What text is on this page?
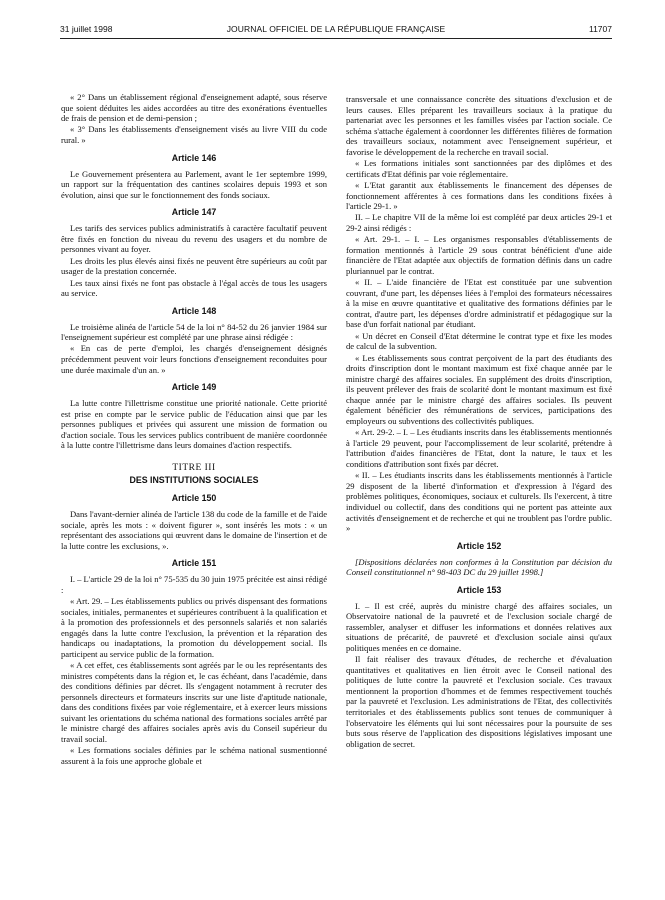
31 juillet 1998	JOURNAL OFFICIEL DE LA RÉPUBLIQUE FRANÇAISE	11707

« 2° Dans un établissement régional d'enseignement adapté, sous réserve que soient déduites les aides accordées au titre des exonérations éventuelles de frais de pension et de demi-pension ;

« 3° Dans les établissements d'enseignement visés au livre VIII du code rural. »

Article 146

Le Gouvernement présentera au Parlement, avant le 1er septembre 1999, un rapport sur la fréquentation des cantines scolaires depuis 1993 et son évolution, ainsi que sur le fonctionnement des fonds sociaux.

Article 147

Les tarifs des services publics administratifs à caractère facultatif peuvent être fixés en fonction du niveau du revenu des usagers et du nombre de personnes vivant au foyer.

Les droits les plus élevés ainsi fixés ne peuvent être supérieurs au coût par usager de la prestation concernée.

Les taux ainsi fixés ne font pas obstacle à l'égal accès de tous les usagers au service.

Article 148

Le troisième alinéa de l'article 54 de la loi n° 84-52 du 26 janvier 1984 sur l'enseignement supérieur est complété par une phrase ainsi rédigée :

« En cas de perte d'emploi, les chargés d'enseignement désignés précédemment peuvent voir leurs fonctions d'enseignement reconduites pour une durée maximale d'un an. »

Article 149

La lutte contre l'illettrisme constitue une priorité nationale. Cette priorité est prise en compte par le service public de l'éducation ainsi que par les personnes publiques et privées qui assurent une mission de formation ou d'action sociale. Tous les services publics contribuent de manière coordonnée à la lutte contre l'illettrisme dans leurs domaines d'action respectifs.

TITRE III
DES INSTITUTIONS SOCIALES
Article 150

Dans l'avant-dernier alinéa de l'article 138 du code de la famille et de l'aide sociale, après les mots : « doivent figurer », sont insérés les mots : « un représentant des associations qui œuvrent dans le domaine de l'insertion et de la lutte contre les exclusions, ».

Article 151

I. – L'article 29 de la loi n° 75-535 du 30 juin 1975 précitée est ainsi rédigé :

« Art. 29. – Les établissements publics ou privés dispensant des formations sociales, initiales, permanentes et supérieures contribuent à la qualification et à la promotion des professionnels et des personnels salariés et non salariés engagés dans la lutte contre l'exclusion, la prévention et la réparation des handicaps ou inadaptations, la promotion du développement social. Ils participent au service public de la formation.

« A cet effet, ces établissements sont agréés par le ou les représentants des ministres compétents dans la région et, le cas échéant, dans l'académie, dans des conditions définies par décret. Ils s'engagent notamment à recruter des personnels directeurs et formateurs inscrits sur une liste d'aptitude nationale, dans des conditions fixées par voie réglementaire, et à exercer leurs missions suivant les orientations du schéma national des formations sociales arrêté par le ministre chargé des affaires sociales après avis du Conseil supérieur du travail social.

« Les formations sociales définies par le schéma national susmentionné assurent à la fois une approche globale et

transversale et une connaissance concrète des situations d'exclusion et de leurs causes. Elles préparent les travailleurs sociaux à la pratique du partenariat avec les personnes et les familles visées par l'action sociale. Ce schéma s'attache également à coordonner les différentes filières de formation des travailleurs sociaux, notamment avec l'enseignement supérieur, et favorise le développement de la recherche en travail social.

« Les formations initiales sont sanctionnées par des diplômes et des certificats d'Etat définis par voie réglementaire.

« L'Etat garantit aux établissements le financement des dépenses de fonctionnement afférentes à ces formations dans les conditions fixées à l'article 29-1. »

II. – Le chapitre VII de la même loi est complété par deux articles 29-1 et 29-2 ainsi rédigés :

« Art. 29-1. – I. – Les organismes responsables d'établissements de formation mentionnés à l'article 29 sous contrat bénéficient d'une aide financière de l'Etat adaptée aux objectifs de formation définis dans un cadre pluriannuel par le contrat.

« II. – L'aide financière de l'Etat est constituée par une subvention couvrant, d'une part, les dépenses liées à l'emploi des formateurs nécessaires à la mise en œuvre quantitative et qualitative des formations définies par le contrat, d'autre part, les dépenses d'ordre administratif et pédagogique sur la base d'un forfait national par étudiant.

« Un décret en Conseil d'Etat détermine le contrat type et fixe les modes de calcul de la subvention.

« Les établissements sous contrat perçoivent de la part des étudiants des droits d'inscription dont le montant maximum est fixé chaque année par le ministre chargé des affaires sociales. En supplément des droits d'inscription, ils peuvent prélever des frais de scolarité dont le montant maximum est fixé chaque année par le ministre chargé des affaires sociales. Ils peuvent également bénéficier des rémunérations de services, participations des employeurs ou subventions des collectivités publiques.

« Art. 29-2. – I. – Les étudiants inscrits dans les établissements mentionnés à l'article 29 peuvent, pour l'accomplissement de leur scolarité, prétendre à l'attribution d'aides financières de l'Etat, dont la nature, le taux et les conditions d'attribution sont fixés par décret.

« II. – Les étudiants inscrits dans les établissements mentionnés à l'article 29 disposent de la liberté d'information et d'expression à l'égard des problèmes politiques, économiques, sociaux et culturels. Ils l'exercent, à titre individuel ou collectif, dans des conditions qui ne portent pas atteinte aux activités d'enseignement et de recherche et qui ne troublent pas l'ordre public. »

Article 152

[Dispositions déclarées non conformes à la Constitution par décision du Conseil constitutionnel n° 98-403 DC du 29 juillet 1998.]

Article 153

I. – Il est créé, auprès du ministre chargé des affaires sociales, un Observatoire national de la pauvreté et de l'exclusion sociale chargé de rassembler, analyser et diffuser les informations et données relatives aux situations de précarité, de pauvreté et d'exclusion sociale ainsi qu'aux politiques menées en ce domaine.

Il fait réaliser des travaux d'études, de recherche et d'évaluation quantitatives et qualitatives en lien étroit avec le Conseil national des politiques de lutte contre la pauvreté et l'exclusion sociale. Ces travaux mentionnent la proportion d'hommes et de femmes respectivement touchés par la pauvreté et l'exclusion. Les administrations de l'Etat, des collectivités territoriales et des établissements publics sont tenues de communiquer à l'observatoire les éléments qui lui sont nécessaires pour la poursuite de ses buts sous réserve de l'application des dispositions législatives imposant une obligation de secret.
